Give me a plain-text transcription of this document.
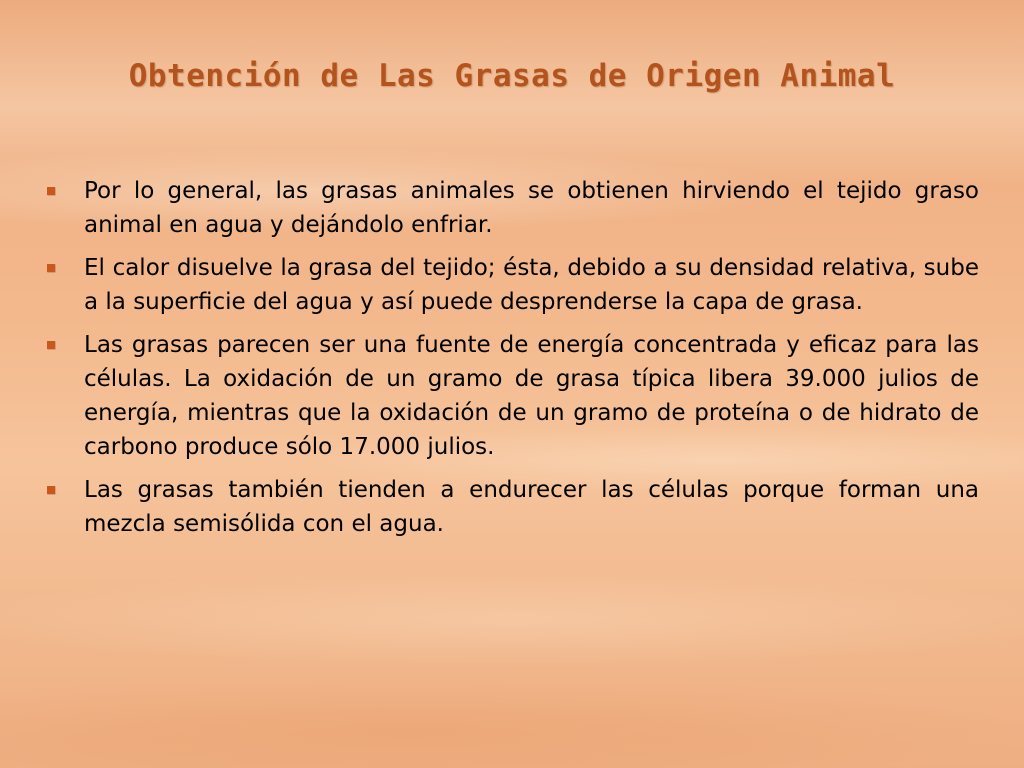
Obtención de Las Grasas de Origen Animal
Por lo general, las grasas animales se obtienen hirviendo el tejido graso animal en agua y dejándolo enfriar.
El calor disuelve la grasa del tejido; ésta, debido a su densidad relativa, sube a la superficie del agua y así puede desprenderse la capa de grasa.
Las grasas parecen ser una fuente de energía concentrada y eficaz para las células. La oxidación de un gramo de grasa típica libera 39.000 julios de energía, mientras que la oxidación de un gramo de proteína o de hidrato de carbono produce sólo 17.000 julios.
Las grasas también tienden a endurecer las células porque forman una mezcla semisólida con el agua.
